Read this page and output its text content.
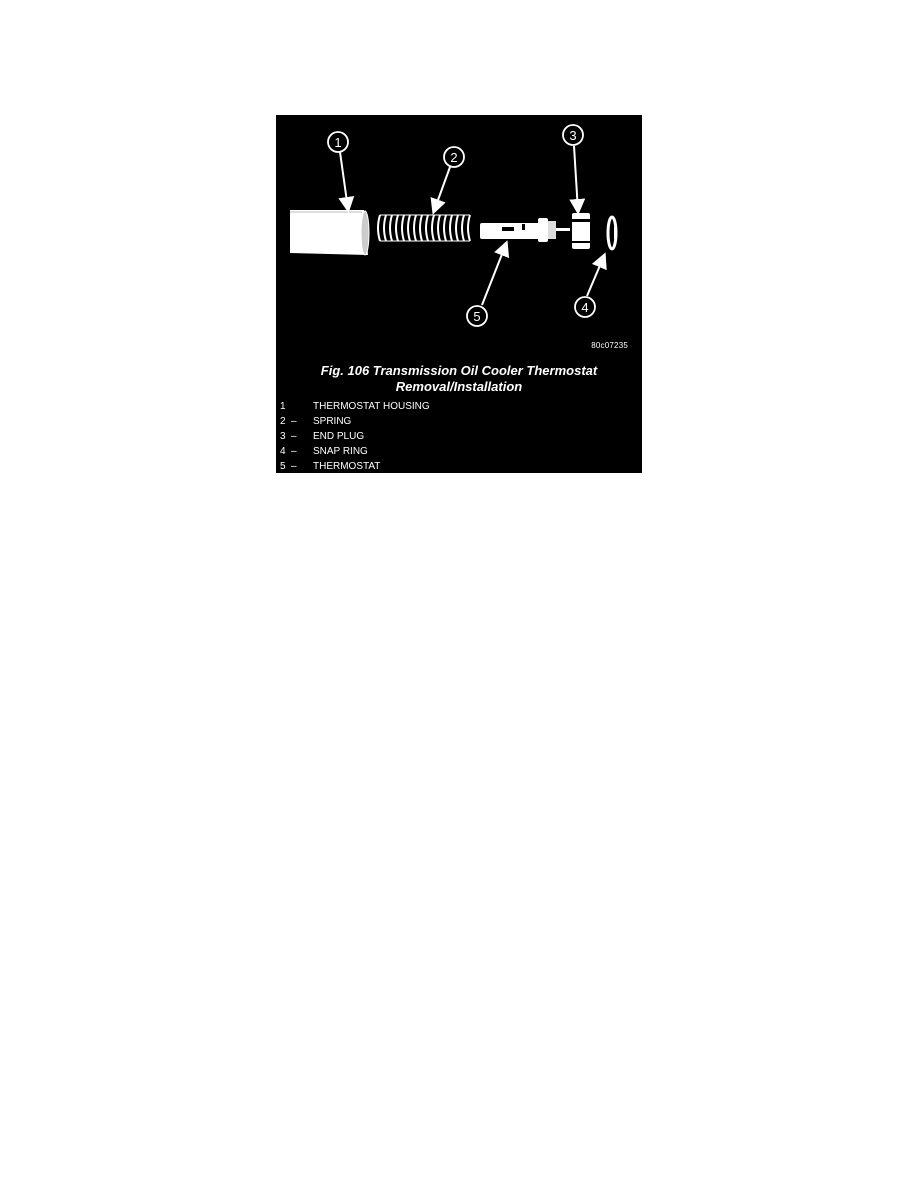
1
2
3
4
5
80c07235
Fig. 106 Transmission Oil Cooler Thermostat
Removal/Installation
1	THERMOSTAT HOUSING
2 – SPRING
3 – END PLUG
4 – SNAP RING
5 – THERMOSTAT
